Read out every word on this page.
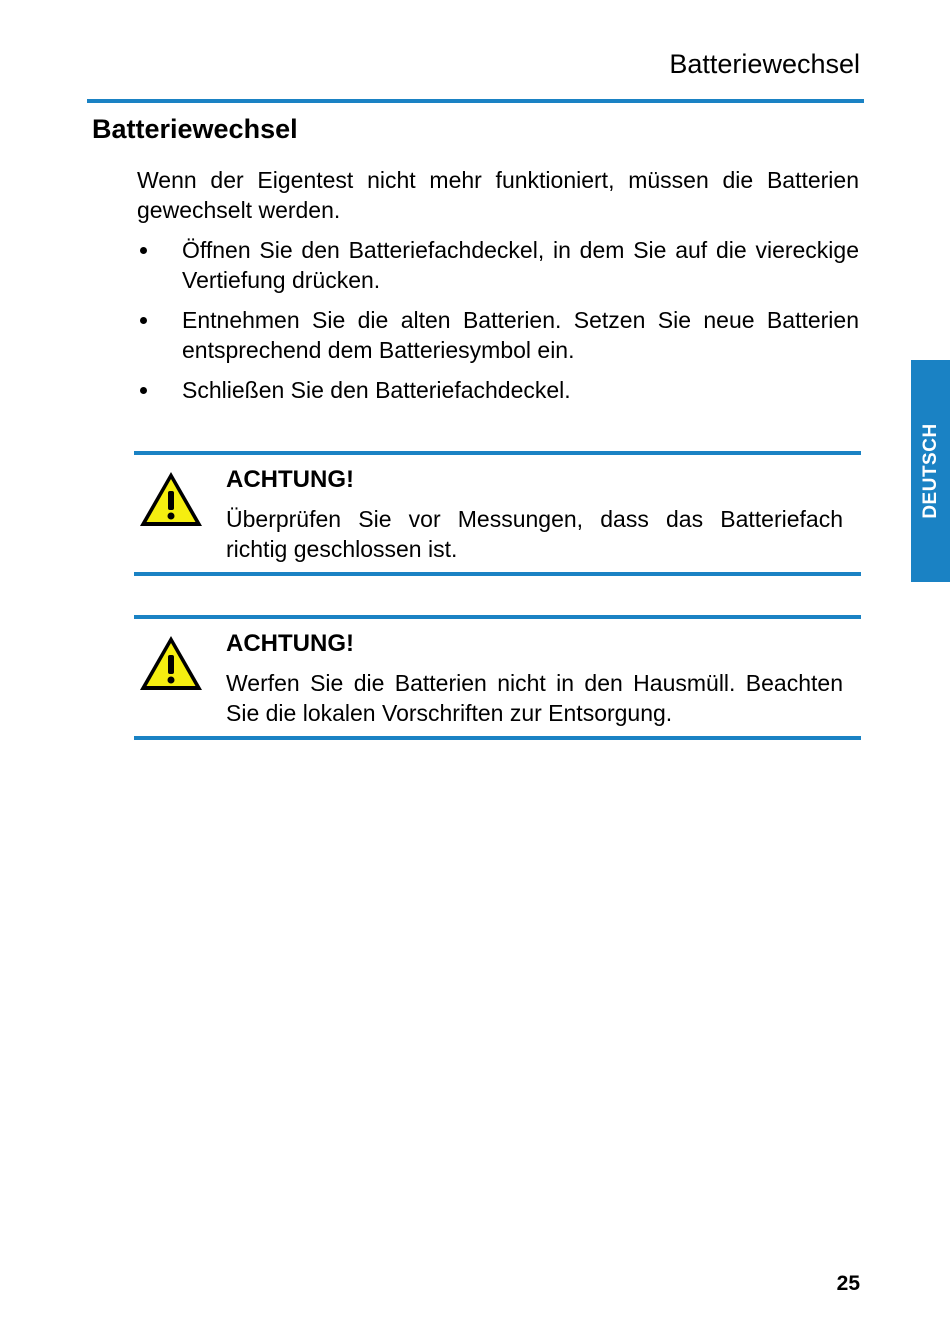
Batteriewechsel
Batteriewechsel

Wenn der Eigentest nicht mehr funktioniert, müssen die Batterien gewechselt werden.

Öffnen Sie den Batteriefachdeckel, in dem Sie auf die viereckige Vertiefung drücken.
Entnehmen Sie die alten Batterien. Setzen Sie neue Batterien entsprechend dem Batteriesymbol ein.
Schließen Sie den Batteriefachdeckel.
ACHTUNG!

Überprüfen Sie vor Messungen, dass das Batteriefach richtig geschlossen ist.

ACHTUNG!

Werfen Sie die Batterien nicht in den Hausmüll. Beachten Sie die lokalen Vorschriften zur Entsorgung.

DEUTSCH
25
